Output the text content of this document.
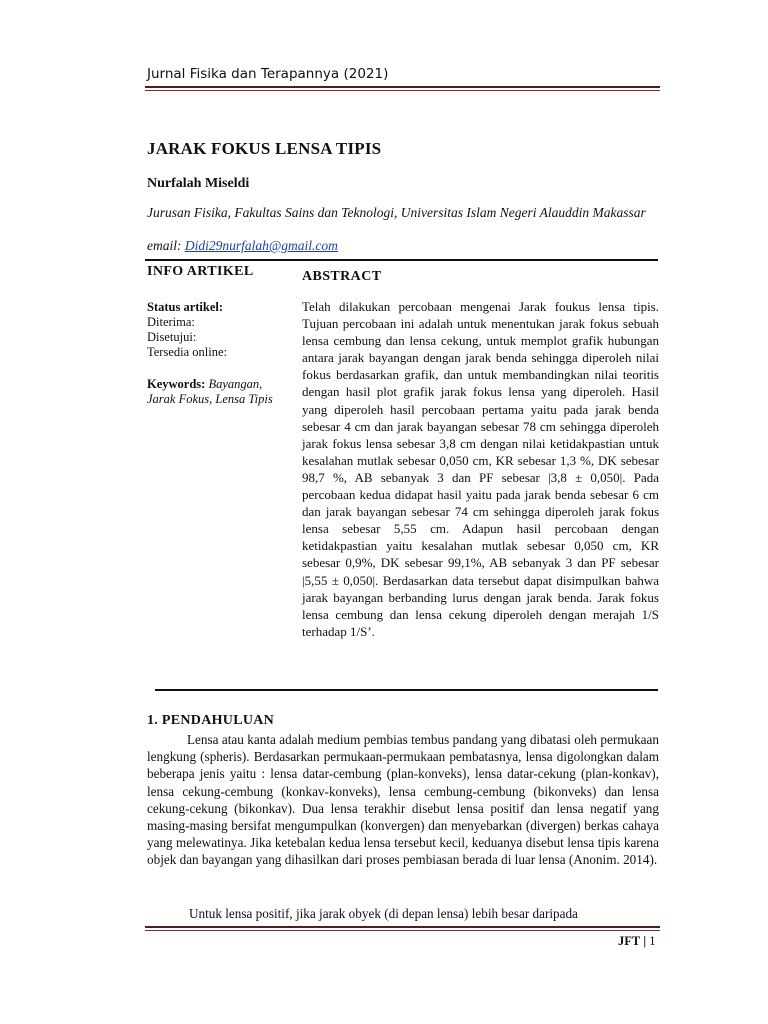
Jurnal Fisika dan Terapannya (2021)
JARAK FOKUS LENSA TIPIS
Nurfalah Miseldi
Jurusan Fisika, Fakultas Sains dan Teknologi, Universitas Islam Negeri Alauddin Makassar
email: Didi29nurfalah@gmail.com
INFO ARTIKEL	ABSTRACT
Status artikel:
Diterima:
Disetujui:
Tersedia online:
Keywords: Bayangan, Jarak Fokus, Lensa Tipis
Telah dilakukan percobaan mengenai Jarak foukus lensa tipis. Tujuan percobaan ini adalah untuk menentukan jarak fokus sebuah lensa cembung dan lensa cekung, untuk memplot grafik hubungan antara jarak bayangan dengan jarak benda sehingga diperoleh nilai fokus berdasarkan grafik, dan untuk membandingkan nilai teoritis dengan hasil plot grafik jarak fokus lensa yang diperoleh. Hasil yang diperoleh hasil percobaan pertama yaitu pada jarak benda sebesar 4 cm dan jarak bayangan sebesar 78 cm sehingga diperoleh jarak fokus lensa sebesar 3,8 cm dengan nilai ketidakpastian untuk kesalahan mutlak sebesar 0,050 cm, KR sebesar 1,3 %, DK sebesar 98,7 %, AB sebanyak 3 dan PF sebesar |3,8 ± 0,050|. Pada percobaan kedua didapat hasil yaitu pada jarak benda sebesar 6 cm dan jarak bayangan sebesar 74 cm sehingga diperoleh jarak fokus lensa sebesar 5,55 cm. Adapun hasil percobaan dengan ketidakpastian yaitu kesalahan mutlak sebesar 0,050 cm, KR sebesar 0,9%, DK sebesar 99,1%, AB sebanyak 3 dan PF sebesar |5,55 ± 0,050|. Berdasarkan data tersebut dapat disimpulkan bahwa jarak bayangan berbanding lurus dengan jarak benda. Jarak fokus lensa cembung dan lensa cekung diperoleh dengan merajah 1/S terhadap 1/S’.
1. PENDAHULUAN
Lensa atau kanta adalah medium pembias tembus pandang yang dibatasi oleh permukaan lengkung (spheris). Berdasarkan permukaan-permukaan pembatasnya, lensa digolongkan dalam beberapa jenis yaitu : lensa datar-cembung (plan-konveks), lensa datar-cekung (plan-konkav), lensa cekung-cembung (konkav-konveks), lensa cembung-cembung (bikonveks) dan lensa cekung-cekung (bikonkav). Dua lensa terakhir disebut lensa positif dan lensa negatif yang masing-masing bersifat mengumpulkan (konvergen) dan menyebarkan (divergen) berkas cahaya yang melewatinya. Jika ketebalan kedua lensa tersebut kecil, keduanya disebut lensa tipis karena objek dan bayangan yang dihasilkan dari proses pembiasan berada di luar lensa (Anonim. 2014).
Untuk lensa positif, jika jarak obyek (di depan lensa) lebih besar daripada
JFT | 1
